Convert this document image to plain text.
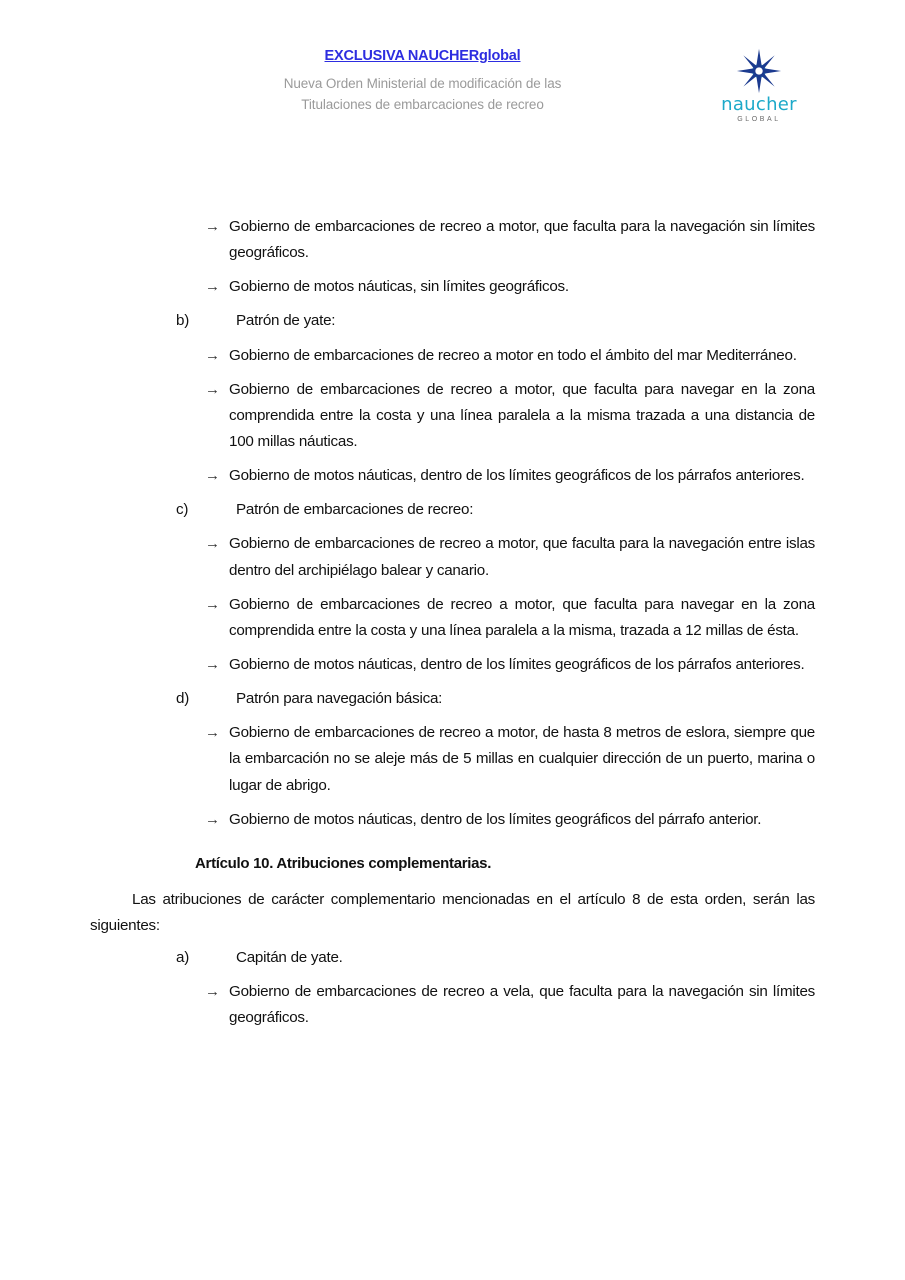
EXCLUSIVA NAUCHERglobal
Nueva Orden Ministerial de modificación de las
Titulaciones de embarcaciones de recreo	naucher
GLOBAL
→ Gobierno de embarcaciones de recreo a motor, que faculta para la navegación sin límites geográficos.
→ Gobierno de motos náuticas, sin límites geográficos.
b)	Patrón de yate:
→ Gobierno de embarcaciones de recreo a motor en todo el ámbito del mar Mediterráneo.
→ Gobierno de embarcaciones de recreo a motor, que faculta para navegar en la zona comprendida entre la costa y una línea paralela a la misma trazada a una distancia de 100 millas náuticas.
→ Gobierno de motos náuticas, dentro de los límites geográficos de los párrafos anteriores.
c)	Patrón de embarcaciones de recreo:
→ Gobierno de embarcaciones de recreo a motor, que faculta para la navegación entre islas dentro del archipiélago balear y canario.
→ Gobierno de embarcaciones de recreo a motor, que faculta para navegar en la zona comprendida entre la costa y una línea paralela a la misma, trazada a 12 millas de ésta.
→ Gobierno de motos náuticas, dentro de los límites geográficos de los párrafos anteriores.
d)	Patrón para navegación básica:
→ Gobierno de embarcaciones de recreo a motor, de hasta 8 metros de eslora, siempre que la embarcación no se aleje más de 5 millas en cualquier dirección de un puerto, marina o lugar de abrigo.
→ Gobierno de motos náuticas, dentro de los límites geográficos del párrafo anterior.
Artículo 10. Atribuciones complementarias.
Las atribuciones de carácter complementario mencionadas en el artículo 8 de esta orden, serán las siguientes:
a)	Capitán de yate.
→ Gobierno de embarcaciones de recreo a vela, que faculta para la navegación sin límites geográficos.
